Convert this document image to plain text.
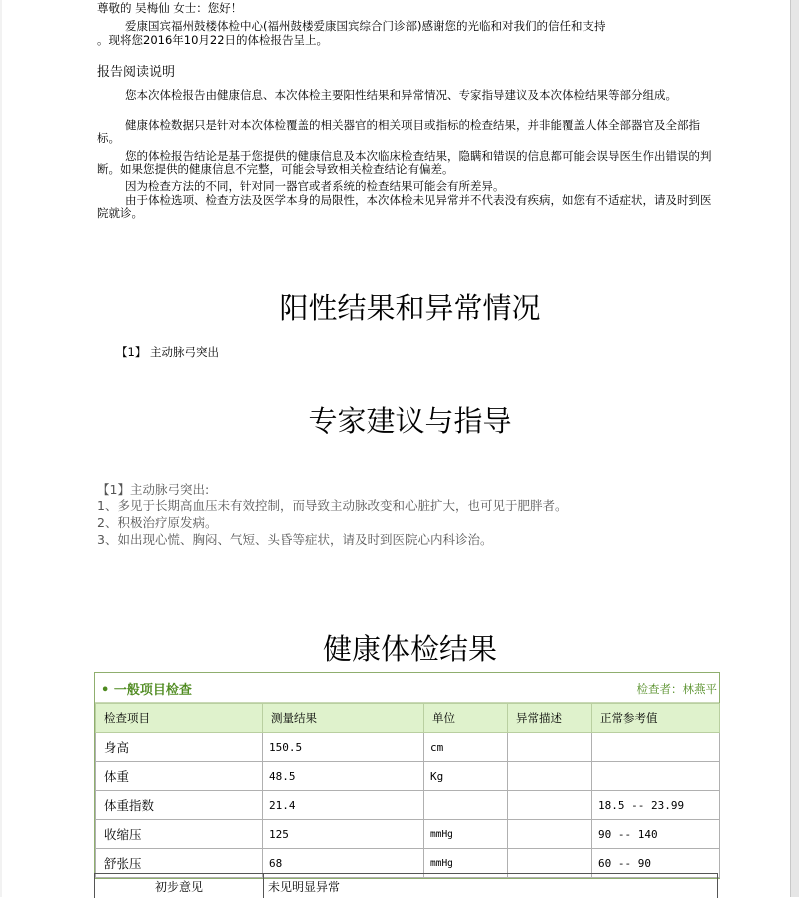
尊敬的 吴梅仙 女士：您好！
爱康国宾福州鼓楼体检中心(福州鼓楼爱康国宾综合门诊部)感谢您的光临和对我们的信任和支持
。现将您2016年10月22日的体检报告呈上。
报告阅读说明
您本次体检报告由健康信息、本次体检主要阳性结果和异常情况、专家指导建议及本次体检结果等部分组成。
健康体检数据只是针对本次体检覆盖的相关器官的相关项目或指标的检查结果，并非能覆盖人体全部器官及全部指标。
您的体检报告结论是基于您提供的健康信息及本次临床检查结果，隐瞒和错误的信息都可能会误导医生作出错误的判断。如果您提供的健康信息不完整，可能会导致相关检查结论有偏差。
因为检查方法的不同，针对同一器官或者系统的检查结果可能会有所差异。
由于体检选项、检查方法及医学本身的局限性，本次体检未见异常并不代表没有疾病，如您有不适症状，请及时到医院就诊。
阳性结果和异常情况
【1】 主动脉弓突出
专家建议与指导
【1】主动脉弓突出:
1、多见于长期高血压未有效控制，而导致主动脉改变和心脏扩大，也可见于肥胖者。
2、积极治疗原发病。
3、如出现心慌、胸闷、气短、头昏等症状，请及时到医院心内科诊治。
健康体检结果
• 一般项目检查	检查者：林燕平
检查项目	测量结果	单位	异常描述	正常参考值
身高	150.5	cm		
体重	48.5	Kg		
体重指数	21.4			18.5 -- 23.99
收缩压	125	mmHg		90 -- 140
舒张压	68	mmHg		60 -- 90
初步意见	未见明显异常
